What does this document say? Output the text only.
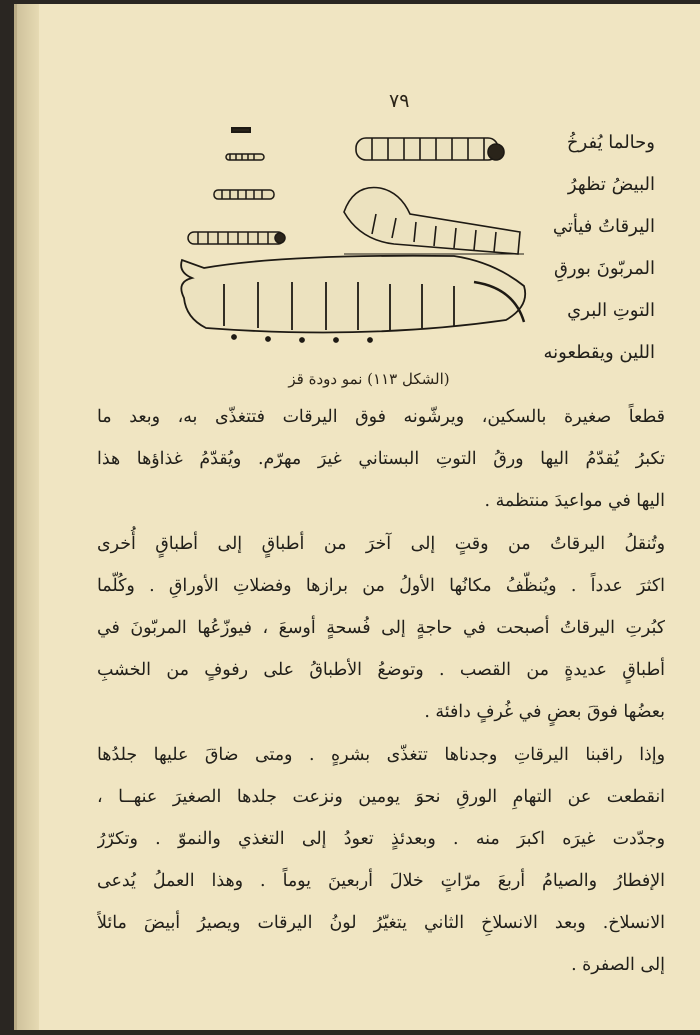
٧٩
(الشكل ١١٣) نمو دودة قز
وحالما يُفرخُ
البيضُ تظهرُ
اليرقاتُ فيأتي
المربّونَ بورقِ
التوتِ البري
اللين ويقطعونه
قطعاً صغيرة بالسكين، ويرشّونه فوق اليرقات فتتغذّى به، وبعد ما
تكبرُ يُقدّمُ اليها ورقُ التوتِ البستاني غيرَ مهرّم. ويُقدّمُ غذاؤها هذا
اليها في مواعيدَ منتظمة .
وتُنقلُ اليرقاتُ من وقتٍ إلى آخرَ من أطباقٍ إلى أطباقٍ أُخرى
اكثرَ عدداً . ويُنظّفُ مكانُها الأولُ من برازها وفضلاتِ الأوراقِ . وكُلّما
كبُرتِ اليرقاتُ أصبحت في حاجةٍ إلى فُسحةٍ أوسعَ ، فيوزّعُها المربّونَ في
أطباقٍ عديدةٍ من القصب . وتوضعُ الأطباقُ على رفوفٍ من الخشبِ
بعضُها فوقَ بعضٍ في غُرفٍ دافئة .
وإذا راقبنا اليرقاتِ وجدناها تتغذّى بشرهٍ . ومتى ضاقَ عليها جلدُها
انقطعت عن التهامِ الورقِ نحوَ يومين ونزعت جلدها الصغيرَ عنهــا ،
وجدّدت غيرَه اكبرَ منه . وبعدئذٍ تعودُ إلى التغذي والنموّ . وتكرّرُ
الإفطارُ والصيامُ أربعَ مرّاتٍ خلالَ أربعينَ يوماً . وهذا العملُ يُدعى
الانسلاخ. وبعد الانسلاخِ الثاني يتغيّرُ لونُ اليرقات ويصيرُ أبيضَ مائلاً
إلى الصفرة .
